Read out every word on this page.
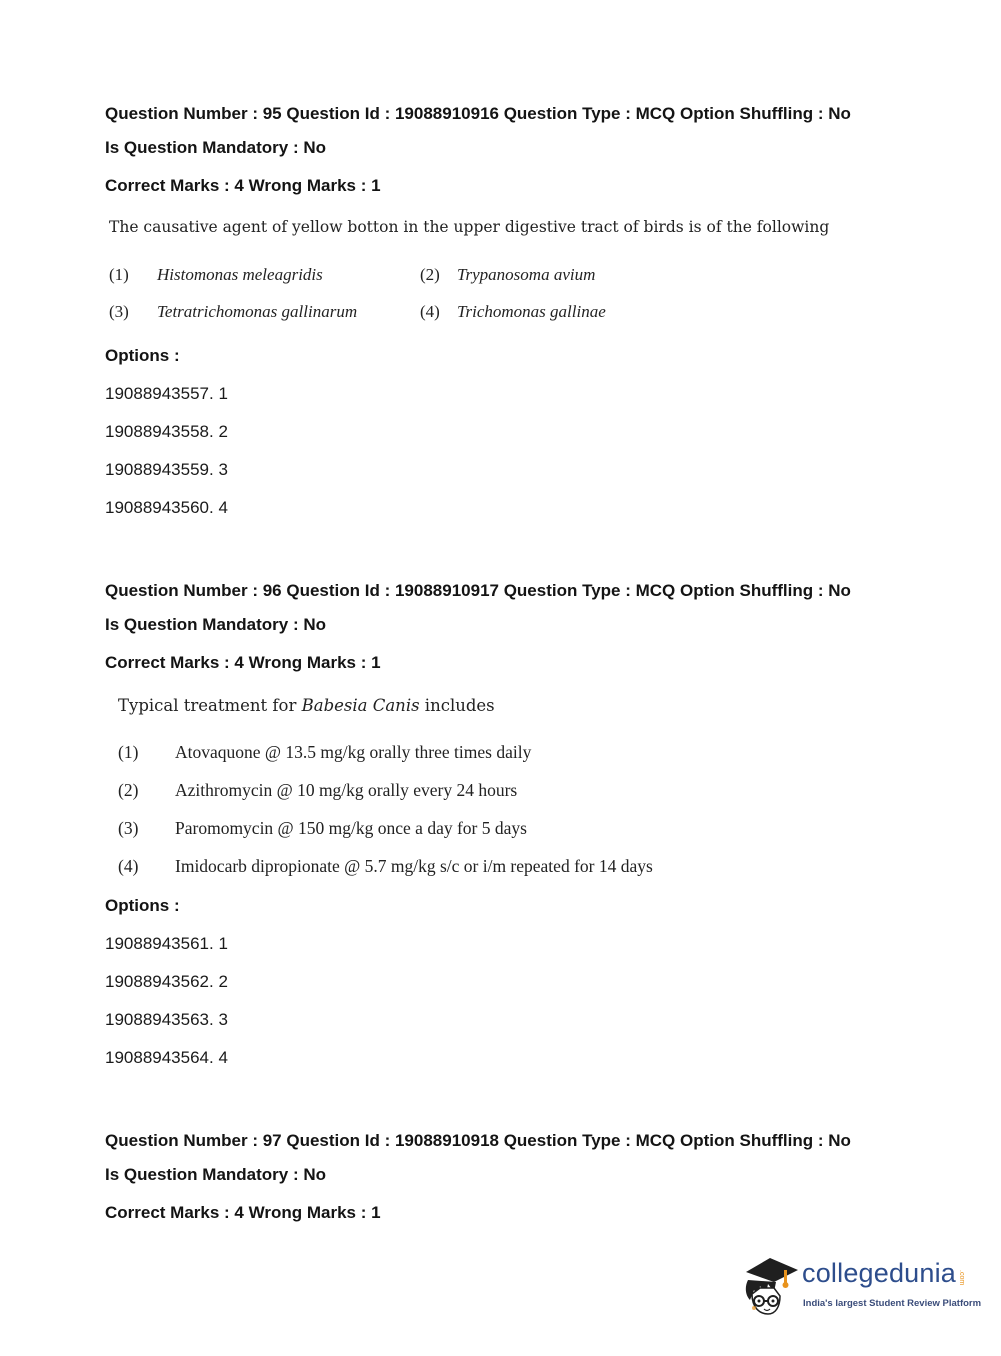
Question Number : 95 Question Id : 19088910916 Question Type : MCQ Option Shuffling : No
Is Question Mandatory : No
Correct Marks : 4 Wrong Marks : 1
The causative agent of yellow botton in the upper digestive tract of birds is of the following
(1) Histomonas meleagridis	(2) Trypanosoma avium
(3) Tetratrichomonas gallinarum	(4) Trichomonas gallinae
Options :
19088943557. 1
19088943558. 2
19088943559. 3
19088943560. 4
Question Number : 96 Question Id : 19088910917 Question Type : MCQ Option Shuffling : No
Is Question Mandatory : No
Correct Marks : 4 Wrong Marks : 1
Typical treatment for Babesia Canis includes
(1) Atovaquone @ 13.5 mg/kg orally three times daily
(2) Azithromycin @ 10 mg/kg orally every 24 hours
(3) Paromomycin @ 150 mg/kg once a day for 5 days
(4) Imidocarb dipropionate @ 5.7 mg/kg s/c or i/m repeated for 14 days
Options :
19088943561. 1
19088943562. 2
19088943563. 3
19088943564. 4
Question Number : 97 Question Id : 19088910918 Question Type : MCQ Option Shuffling : No
Is Question Mandatory : No
Correct Marks : 4 Wrong Marks : 1
collegedunia .com
India's largest Student Review Platform
